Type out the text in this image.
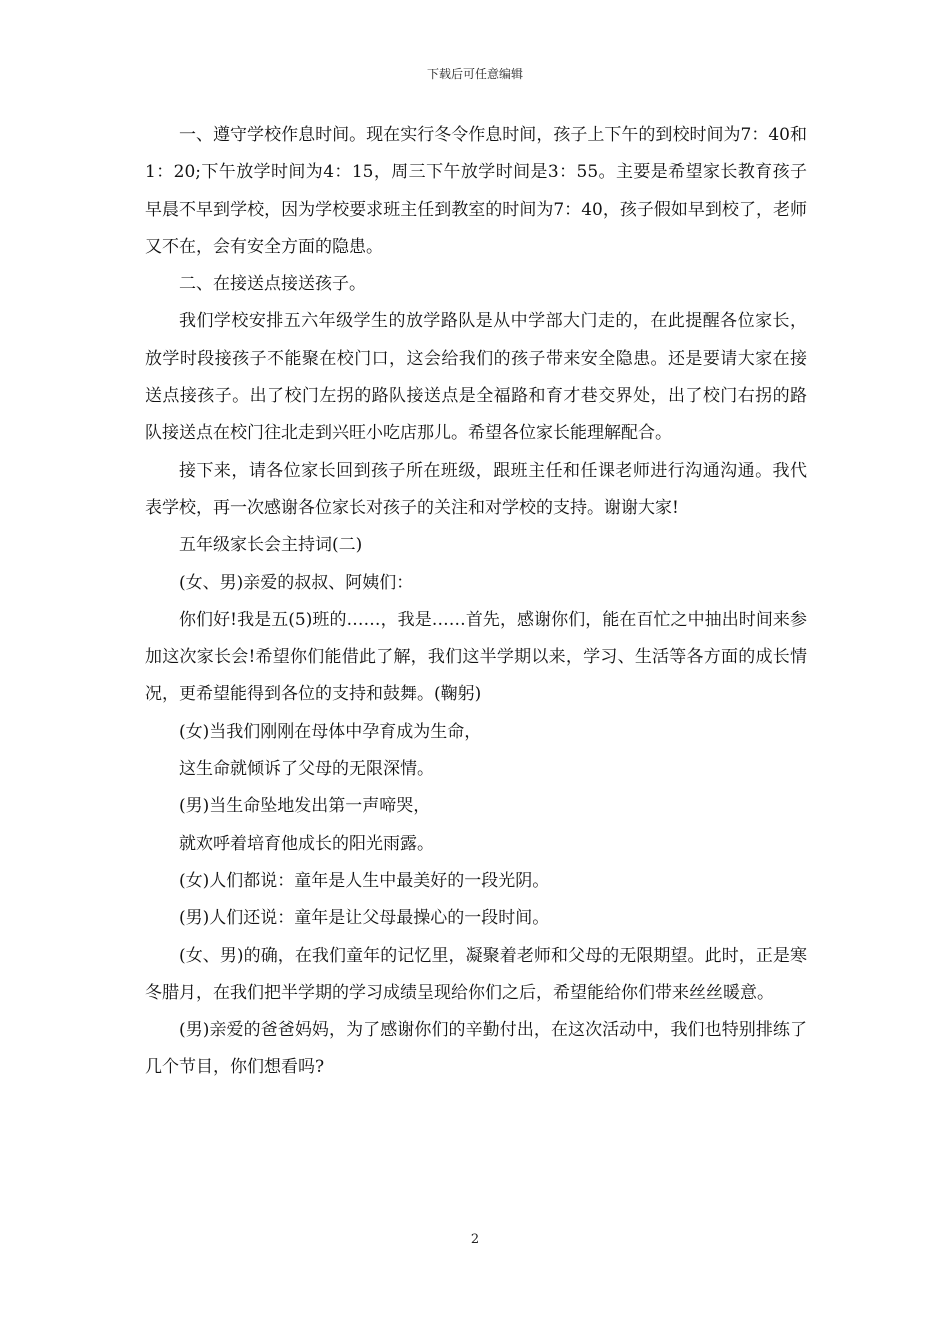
下载后可任意编辑

一、遵守学校作息时间。现在实行冬令作息时间，孩子上下午的到校时间为7：40和1：20;下午放学时间为4：15，周三下午放学时间是3：55。主要是希望家长教育孩子早晨不早到学校，因为学校要求班主任到教室的时间为7：40，孩子假如早到校了，老师又不在，会有安全方面的隐患。

二、在接送点接送孩子。

我们学校安排五六年级学生的放学路队是从中学部大门走的，在此提醒各位家长，放学时段接孩子不能聚在校门口，这会给我们的孩子带来安全隐患。还是要请大家在接送点接孩子。出了校门左拐的路队接送点是全福路和育才巷交界处，出了校门右拐的路队接送点在校门往北走到兴旺小吃店那儿。希望各位家长能理解配合。

接下来，请各位家长回到孩子所在班级，跟班主任和任课老师进行沟通沟通。我代表学校，再一次感谢各位家长对孩子的关注和对学校的支持。谢谢大家!

五年级家长会主持词(二)

(女、男)亲爱的叔叔、阿姨们：

你们好!我是五(5)班的……，我是……首先，感谢你们，能在百忙之中抽出时间来参加这次家长会!希望你们能借此了解，我们这半学期以来，学习、生活等各方面的成长情况，更希望能得到各位的支持和鼓舞。(鞠躬)

(女)当我们刚刚在母体中孕育成为生命，

这生命就倾诉了父母的无限深情。

(男)当生命坠地发出第一声啼哭，

就欢呼着培育他成长的阳光雨露。

(女)人们都说：童年是人生中最美好的一段光阴。

(男)人们还说：童年是让父母最操心的一段时间。

(女、男)的确，在我们童年的记忆里，凝聚着老师和父母的无限期望。此时，正是寒冬腊月，在我们把半学期的学习成绩呈现给你们之后，希望能给你们带来丝丝暖意。

(男)亲爱的爸爸妈妈，为了感谢你们的辛勤付出，在这次活动中，我们也特别排练了几个节目，你们想看吗?

2
